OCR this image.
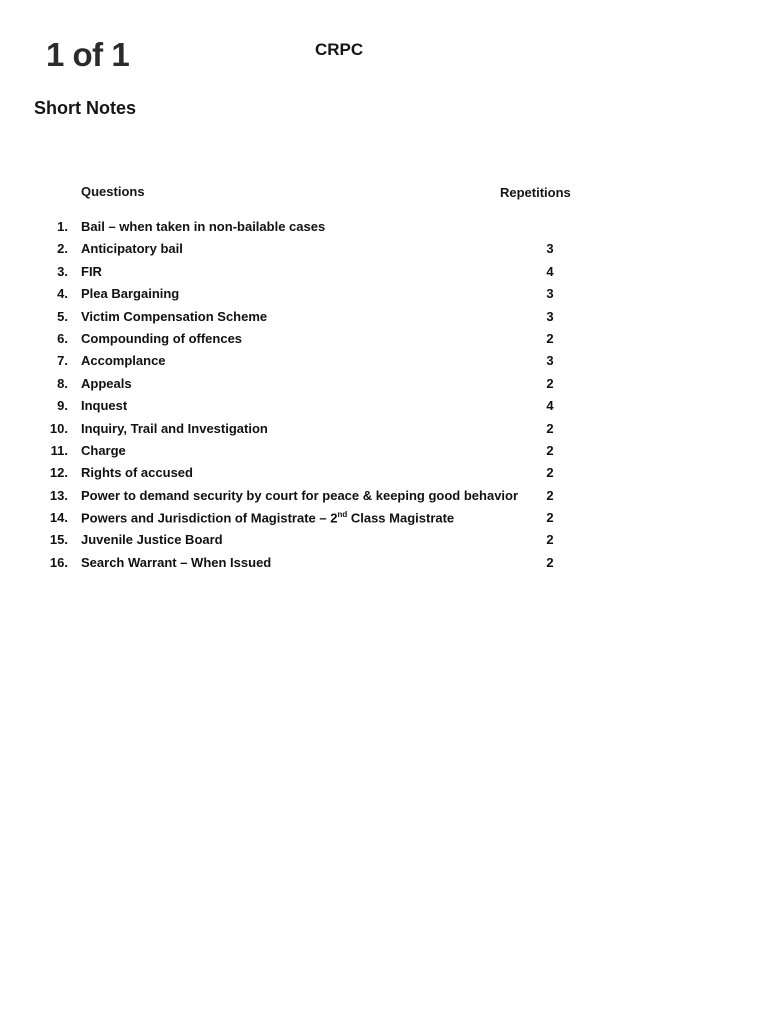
1 of 1	CRPC
Short Notes
Questions	Repetitions
1. Bail – when taken in non-bailable cases
2. Anticipatory bail	3
3. FIR	4
4. Plea Bargaining	3
5. Victim Compensation Scheme	3
6. Compounding of offences	2
7. Accomplance	3
8. Appeals	2
9. Inquest	4
10. Inquiry, Trail and Investigation	2
11. Charge	2
12. Rights of accused	2
13. Power to demand security by court for peace & keeping good behavior 2
14. Powers and Jurisdiction of Magistrate – 2nd Class Magistrate	2
15. Juvenile Justice Board	2
16. Search Warrant – When Issued	2
